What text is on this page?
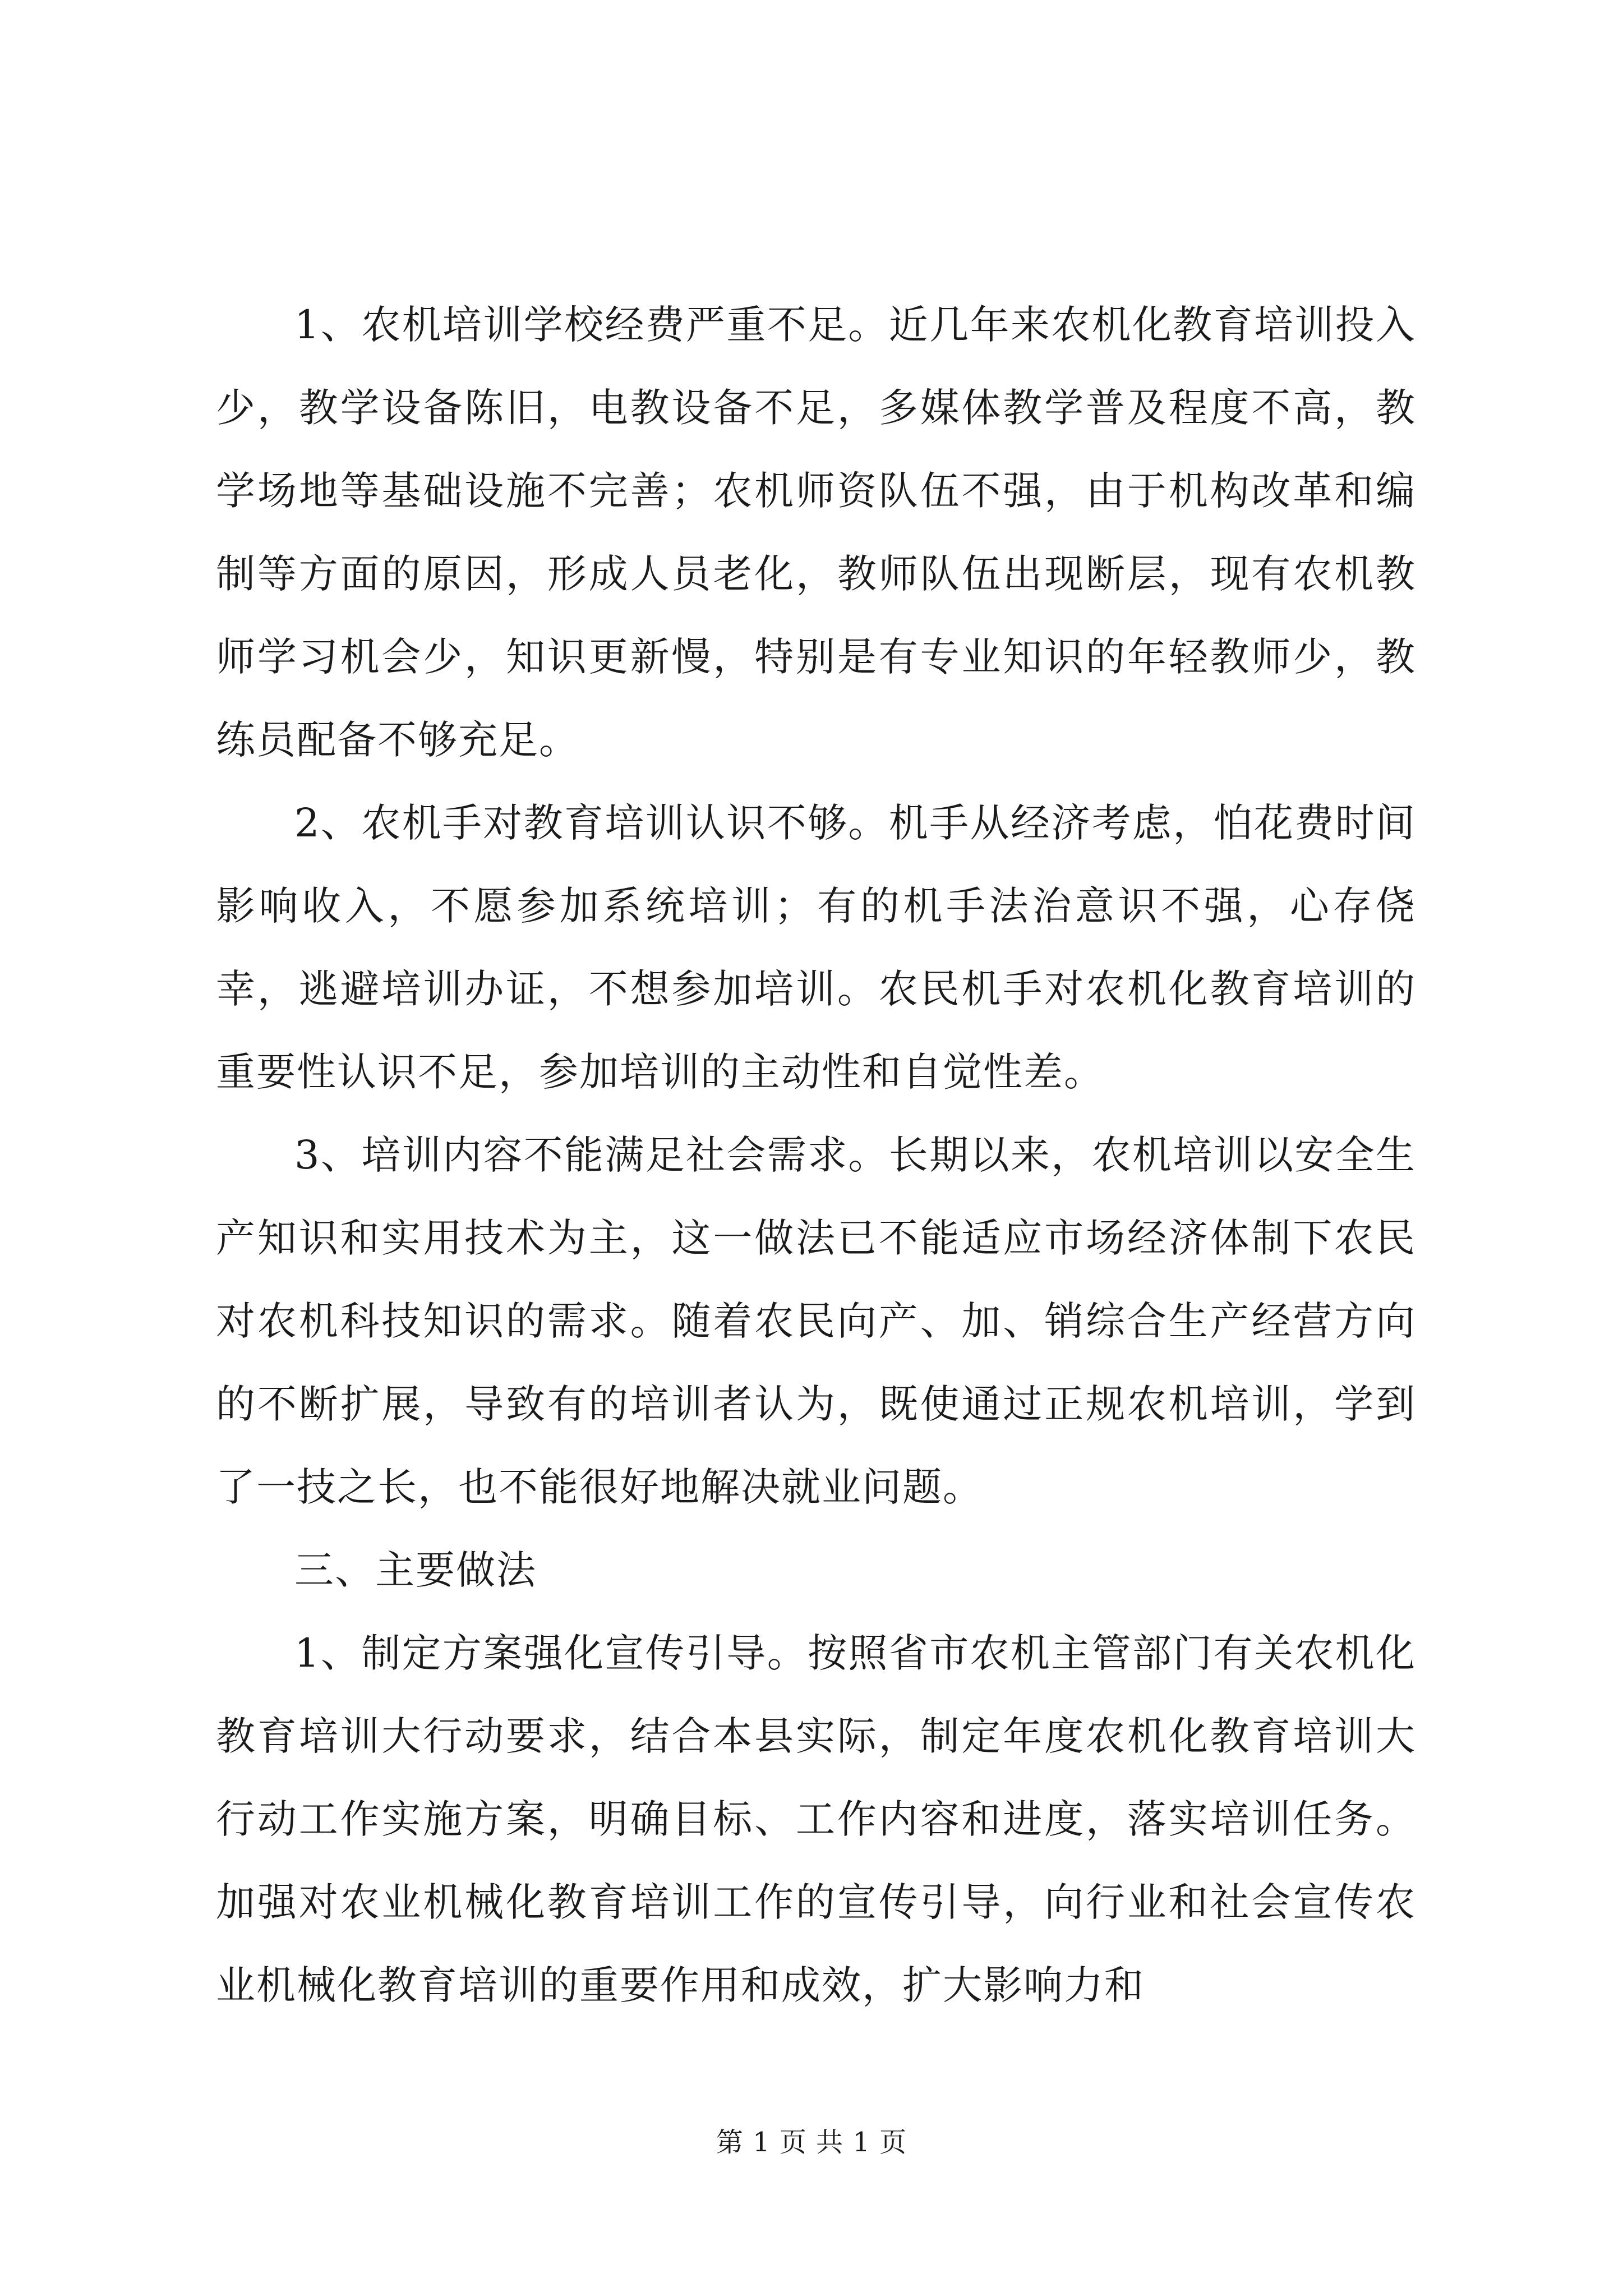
1、农机培训学校经费严重不足。近几年来农机化教育培训投入少，教学设备陈旧，电教设备不足，多媒体教学普及程度不高，教学场地等基础设施不完善；农机师资队伍不强，由于机构改革和编制等方面的原因，形成人员老化，教师队伍出现断层，现有农机教师学习机会少，知识更新慢，特别是有专业知识的年轻教师少，教练员配备不够充足。

2、农机手对教育培训认识不够。机手从经济考虑，怕花费时间影响收入，不愿参加系统培训；有的机手法治意识不强，心存侥幸，逃避培训办证，不想参加培训。农民机手对农机化教育培训的重要性认识不足，参加培训的主动性和自觉性差。

3、培训内容不能满足社会需求。长期以来，农机培训以安全生产知识和实用技术为主，这一做法已不能适应市场经济体制下农民对农机科技知识的需求。随着农民向产、加、销综合生产经营方向的不断扩展，导致有的培训者认为，既使通过正规农机培训，学到了一技之长，也不能很好地解决就业问题。

三、主要做法

1、制定方案强化宣传引导。按照省市农机主管部门有关农机化教育培训大行动要求，结合本县实际，制定年度农机化教育培训大行动工作实施方案，明确目标、工作内容和进度，落实培训任务。加强对农业机械化教育培训工作的宣传引导，向行业和社会宣传农业机械化教育培训的重要作用和成效，扩大影响力和

第 1 页 共 1 页
